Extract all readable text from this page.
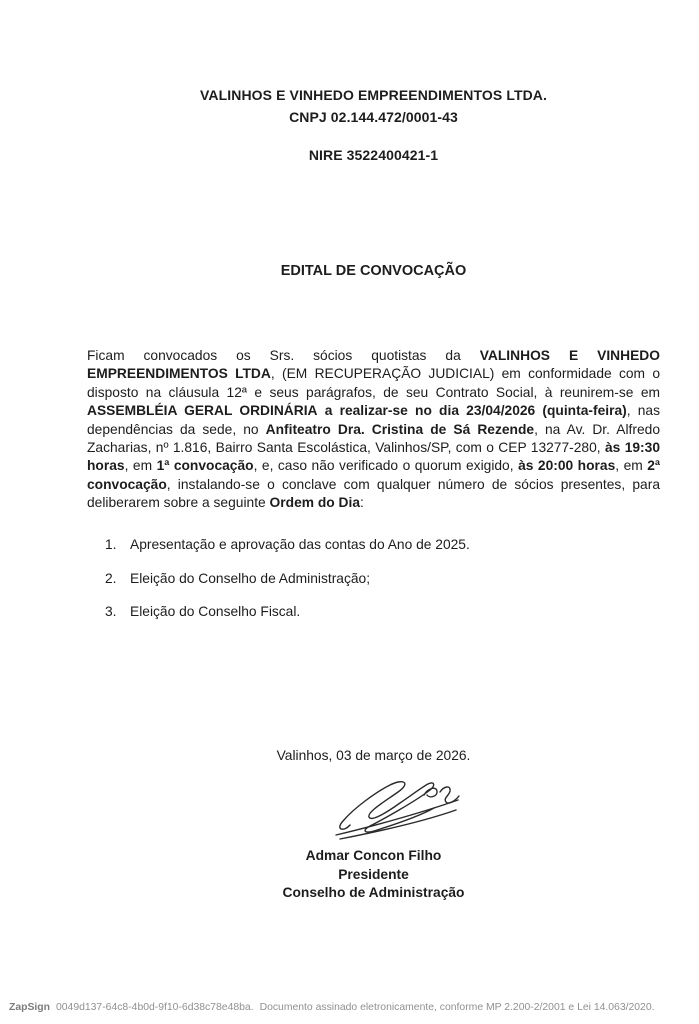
VALINHOS E VINHEDO EMPREENDIMENTOS LTDA.
CNPJ 02.144.472/0001-43
NIRE 3522400421-1
EDITAL DE CONVOCAÇÃO
Ficam convocados os Srs. sócios quotistas da VALINHOS E VINHEDO EMPREENDIMENTOS LTDA, (EM RECUPERAÇÃO JUDICIAL) em conformidade com o disposto na cláusula 12ª e seus parágrafos, de seu Contrato Social, à reunirem-se em ASSEMBLÉIA GERAL ORDINÁRIA a realizar-se no dia 23/04/2026 (quinta-feira), nas dependências da sede, no Anfiteatro Dra. Cristina de Sá Rezende, na Av. Dr. Alfredo Zacharias, nº 1.816, Bairro Santa Escolástica, Valinhos/SP, com o CEP 13277-280, às 19:30 horas, em 1ª convocação, e, caso não verificado o quorum exigido, às 20:00 horas, em 2ª convocação, instalando-se o conclave com qualquer número de sócios presentes, para deliberarem sobre a seguinte Ordem do Dia:
1. Apresentação e aprovação das contas do Ano de 2025.
2. Eleição do Conselho de Administração;
3. Eleição do Conselho Fiscal.
Valinhos, 03 de março de 2026.
Admar Concon Filho
Presidente
Conselho de Administração
ZapSign 0049d137-64c8-4b0d-9f10-6d38c78e48ba. Documento assinado eletronicamente, conforme MP 2.200-2/2001 e Lei 14.063/2020.
